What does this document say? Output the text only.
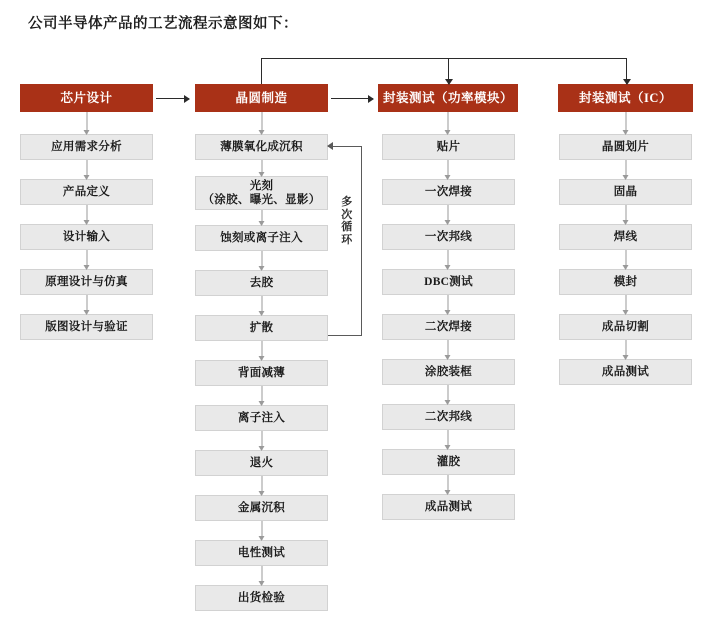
公司半导体产品的工艺流程示意图如下：
芯片设计
应用需求分析
产品定义
设计输入
原理设计与仿真
版图设计与验证
晶圆制造
薄膜氧化成沉积
光刻
（涂胶、曝光、显影）
蚀刻或离子注入
去胶
扩散
背面减薄
离子注入
退火
金属沉积
电性测试
出货检验
多次循环
封装测试（功率模块）
贴片
一次焊接
一次邦线
DBC测试
二次焊接
涂胶装框
二次邦线
灌胶
成品测试
封装测试（IC）
晶圆划片
固晶
焊线
模封
成品切割
成品测试
